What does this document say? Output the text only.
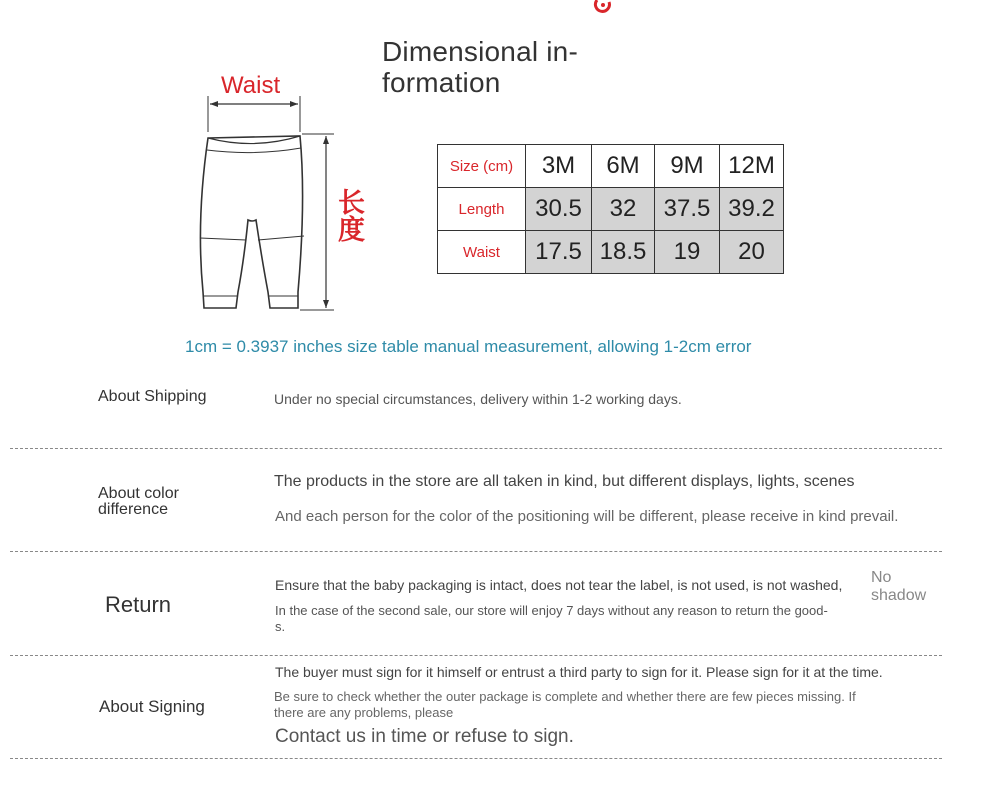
Dimensional in-
formation
Waist
长度
Size (cm)	3M	6M	9M	12M
Length	30.5	32	37.5	39.2
Waist	17.5	18.5	19	20
1cm = 0.3937 inches size table manual measurement, allowing 1-2cm error
About Shipping	Under no special circumstances, delivery within 1-2 working days.
About color
difference
The products in the store are all taken in kind, but different displays, lights, scenes
And each person for the color of the positioning will be different, please receive in kind prevail.
Return
Ensure that the baby packaging is intact, does not tear the label, is not used, is not washed,
In the case of the second sale, our store will enjoy 7 days without any reason to return the good-
s.
No
shadow
About Signing
The buyer must sign for it himself or entrust a third party to sign for it. Please sign for it at the time.
Be sure to check whether the outer package is complete and whether there are few pieces missing. If
there are any problems, please
Contact us in time or refuse to sign.
